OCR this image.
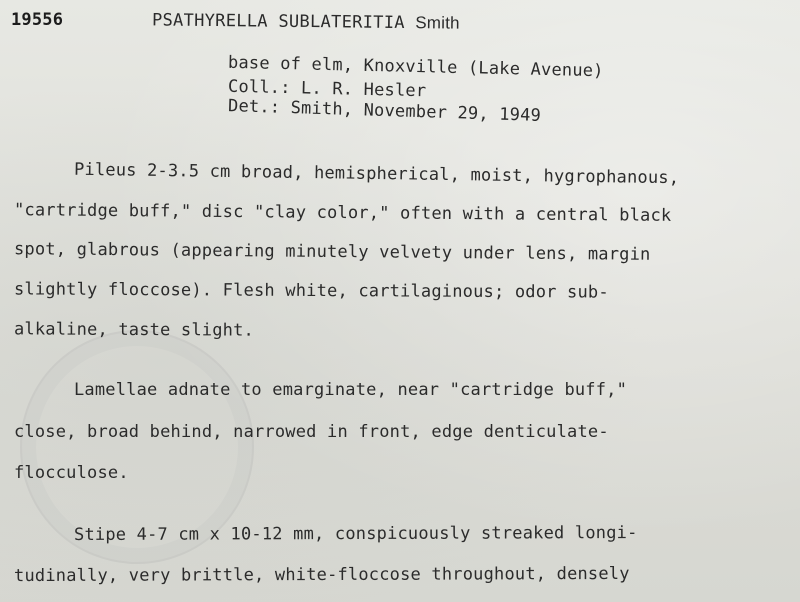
19556	PSATHYRELLA SUBLATERITIA Smith
base of elm, Knoxville (Lake Avenue)
Coll.: L. R. Hesler
Det.: Smith, November 29, 1949
Pileus 2-3.5 cm broad, hemispherical, moist, hygrophanous,
"cartridge buff," disc "clay color," often with a central black
spot, glabrous (appearing minutely velvety under lens, margin
slightly floccose). Flesh white, cartilaginous; odor sub-
alkaline, taste slight.
Lamellae adnate to emarginate, near "cartridge buff,"
close, broad behind, narrowed in front, edge denticulate-
flocculose.
Stipe 4-7 cm x 10-12 mm, conspicuously streaked longi-
tudinally, very brittle, white-floccose throughout, densely
